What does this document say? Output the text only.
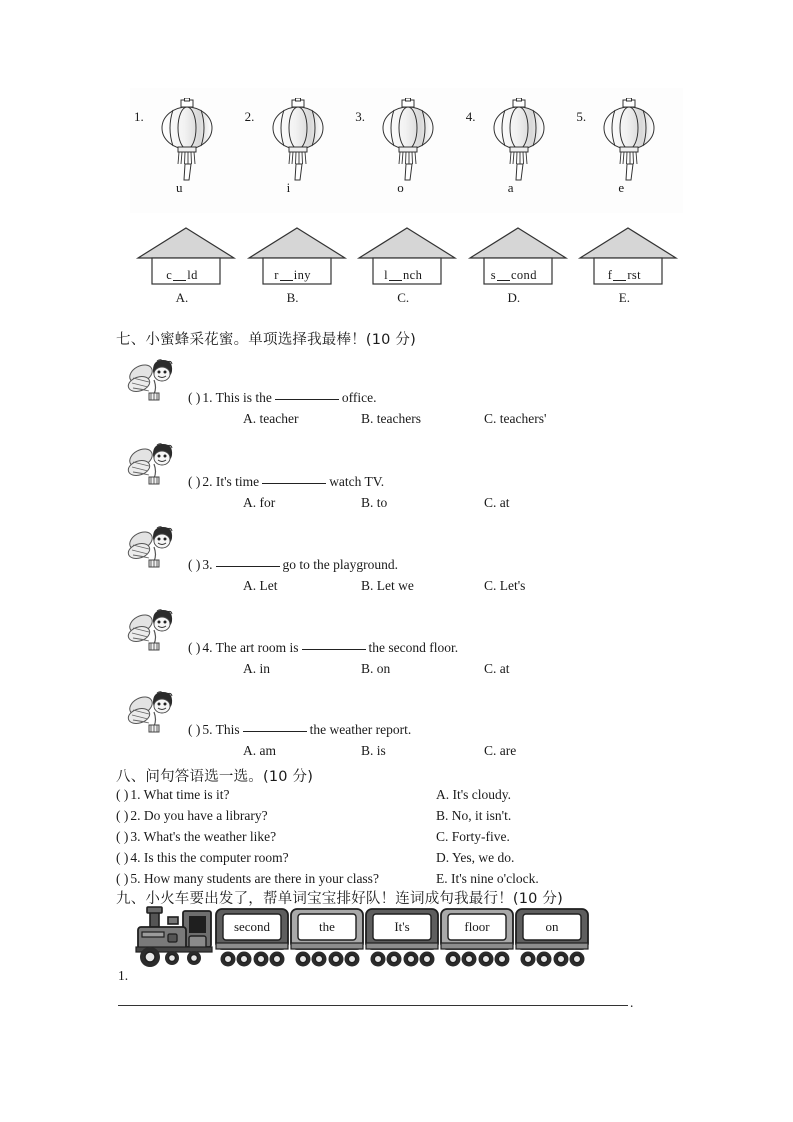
1.
u
2.
i
3.
o
4.
a
5.
e
c ld
A.
r iny
B.
l nch
C.
s cond
D.
f rst
E.
七、小蜜蜂采花蜜。单项选择我最棒！(10 分)
( ) 1. This is the	office.
A. teacher	B. teachers	C. teachers'
( ) 2. It's time	watch TV.
A. for	B. to	C. at
( ) 3.	go to the playground.
A. Let	B. Let we	C. Let's
( ) 4. The art room is	the second floor.
A. in	B. on	C. at
( ) 5. This	the weather report.
A. am	B. is	C. are
八、问句答语选一选。(10 分)
( ) 1. What time is it?
( ) 2. Do you have a library?
( ) 3. What's the weather like?
( ) 4. Is this the computer room?
( ) 5. How many students are there in your class?
A. It's cloudy.
B. No, it isn't.
C. Forty-five.
D. Yes, we do.
E. It's nine o'clock.
九、小火车要出发了，帮单词宝宝排好队！连词成句我最行！(10 分)
second	the	It's	floor	on
1.
.
